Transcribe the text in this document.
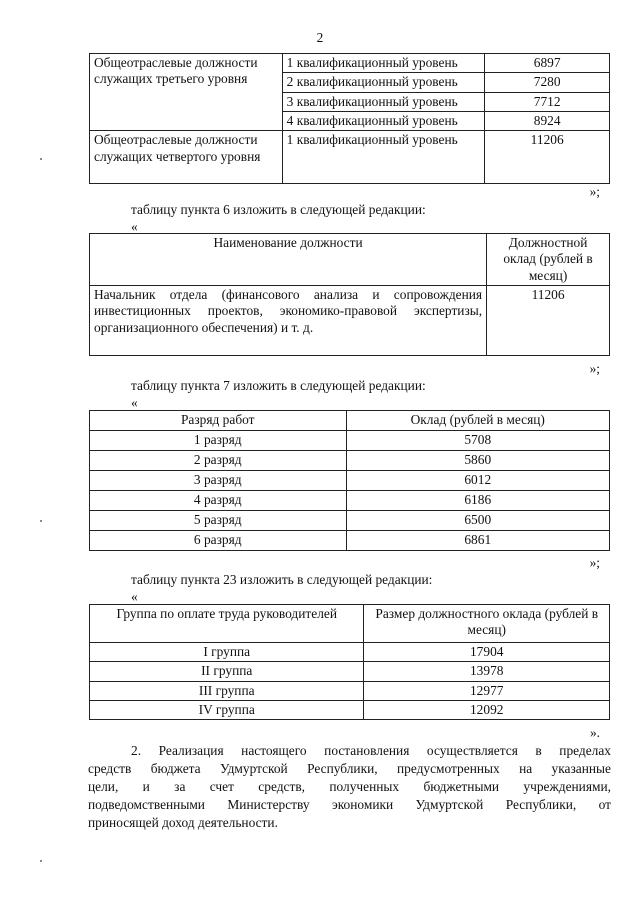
2
Общеотраслевые должности служащих третьего уровня	1 квалификационный уровень	6897
	2 квалификационный уровень	7280
	3 квалификационный уровень	7712
	4 квалификационный уровень	8924
Общеотраслевые должности служащих четвертого уровня	1 квалификационный уровень	11206
»;
таблицу пункта 6 изложить в следующей редакции:
«
Наименование должности	Должностной оклад (рублей в месяц)
Начальник отдела (финансового анализа и сопровождения инвестиционных проектов, экономико-правовой экспертизы, организационного обеспечения) и т. д.	11206
»;
таблицу пункта 7 изложить в следующей редакции:
«
Разряд работ	Оклад (рублей в месяц)
1 разряд	5708
2 разряд	5860
3 разряд	6012
4 разряд	6186
5 разряд	6500
6 разряд	6861
»;
таблицу пункта 23 изложить в следующей редакции:
«
Группа по оплате труда руководителей	Размер должностного оклада (рублей в месяц)
I группа	17904
II группа	13978
III группа	12977
IV группа	12092
».
2. Реализация настоящего постановления осуществляется в пределах
средств бюджета Удмуртской Республики, предусмотренных на указанные
цели, и за счет средств, полученных бюджетными учреждениями,
подведомственными Министерству экономики Удмуртской Республики, от
приносящей доход деятельности.
